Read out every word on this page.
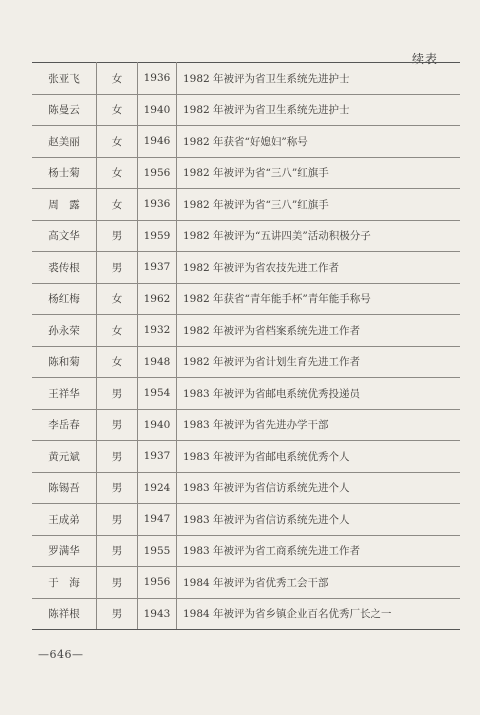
续表
张亚飞	女	1936	1982 年被评为省卫生系统先进护士
陈曼云	女	1940	1982 年被评为省卫生系统先进护士
赵美丽	女	1946	1982 年获省“好媳妇”称号
杨士菊	女	1956	1982 年被评为省“三八”红旗手
周　露	女	1936	1982 年被评为省“三八”红旗手
高文华	男	1959	1982 年被评为“五讲四美”活动积极分子
裘传根	男	1937	1982 年被评为省农技先进工作者
杨红梅	女	1962	1982 年获省“青年能手杯”青年能手称号
孙永荣	女	1932	1982 年被评为省档案系统先进工作者
陈和菊	女	1948	1982 年被评为省计划生育先进工作者
王祥华	男	1954	1983 年被评为省邮电系统优秀投递员
李岳春	男	1940	1983 年被评为省先进办学干部
黄元斌	男	1937	1983 年被评为省邮电系统优秀个人
陈锡吾	男	1924	1983 年被评为省信访系统先进个人
王成弟	男	1947	1983 年被评为省信访系统先进个人
罗满华	男	1955	1983 年被评为省工商系统先进工作者
于　海	男	1956	1984 年被评为省优秀工会干部
陈祥根	男	1943	1984 年被评为省乡镇企业百名优秀厂长之一
—646—
